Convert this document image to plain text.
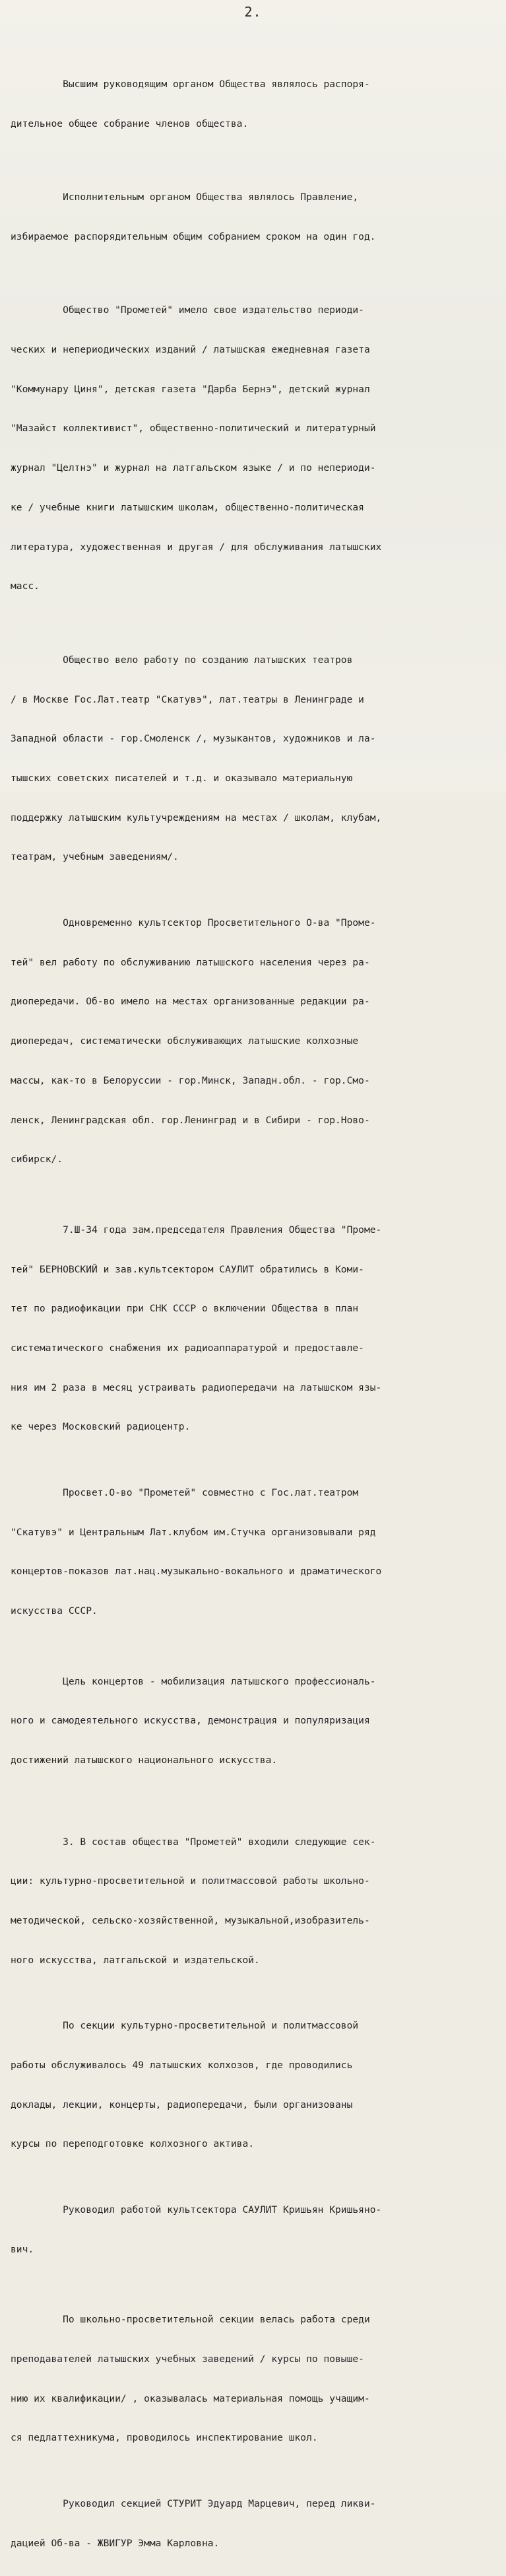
2.

Высшим руководящим органом Общества являлось распоря-

дительное общее собрание членов общества.

Исполнительным органом Общества являлось Правление,

избираемое распорядительным общим собранием сроком на один год.

Общество "Прометей" имело свое издательство периоди-

ческих и непериодических изданий / латышская ежедневная газета

"Коммунару Циня", детская газета "Дарба Бернэ", детский журнал

"Мазайст коллективист", общественно-политический и литературный

журнал "Целтнэ" и журнал на латгальском языке / и по непериоди-

ке / учебные книги латышским школам, общественно-политическая

литература, художественная и другая / для обслуживания латышских

масс.

Общество вело работу по созданию латышских театров

/ в Москве Гос.Лат.театр "Скатувэ", лат.театры в Ленинграде и

Западной области - гор.Смоленск /, музыкантов, художников и ла-

тышских советских писателей и т.д. и оказывало материальную

поддержку латышским культучреждениям на местах / школам, клубам,

театрам, учебным заведениям/.

Одновременно культсектор Просветительного О-ва "Проме-

тей" вел работу по обслуживанию латышского населения через ра-

диопередачи. Об-во имело на местах организованные редакции ра-

диопередач, систематически обслуживающих латышские колхозные

массы, как-то в Белоруссии - гор.Минск, Западн.обл. - гор.Смо-

ленск, Ленинградская обл. гор.Ленинград и в Сибири - гор.Ново-

сибирск/.

7.Ш-34 года зам.председателя Правления Общества "Проме-

тей" БЕРНОВСКИЙ и зав.культсектором САУЛИТ обратились в Коми-

тет по радиофикации при СНК СССР о включении Общества в план

систематического снабжения их радиоаппаратурой и предоставле-

ния им 2 раза в месяц устраивать радиопередачи на латышском язы-

ке через Московский радиоцентр.

Просвет.О-во "Прометей" совместно с Гос.лат.театром

"Скатувэ" и Центральным Лат.клубом им.Стучка организовывали ряд

концертов-показов лат.нац.музыкально-вокального и драматического

искусства СССР.

Цель концертов - мобилизация латышского профессиональ-

ного и самодеятельного искусства, демонстрация и популяризация

достижений латышского национального искусства.

3. В состав общества "Прометей" входили следующие сек-

ции: культурно-просветительной и политмассовой работы школьно-

методической, сельско-хозяйственной, музыкальной,изобразитель-

ного искусства, латгальской и издательской.

По секции культурно-просветительной и политмассовой

работы обслуживалось 49 латышских колхозов, где проводились

доклады, лекции, концерты, радиопередачи, были организованы

курсы по переподготовке колхозного актива.

Руководил работой культсектора САУЛИТ Кришьян Кришьяно-

вич.

По школьно-просветительной секции велась работа среди

преподавателей латышских учебных заведений / курсы по повыше-

нию их квалификации/ , оказывалась материальная помощь учащим-

ся педлаттехникума, проводилось инспектирование школ.

Руководил секцией СТУРИТ Эдуард Марцевич, перед ликви-

дацией Об-ва - ЖВИГУР Эмма Карловна.
